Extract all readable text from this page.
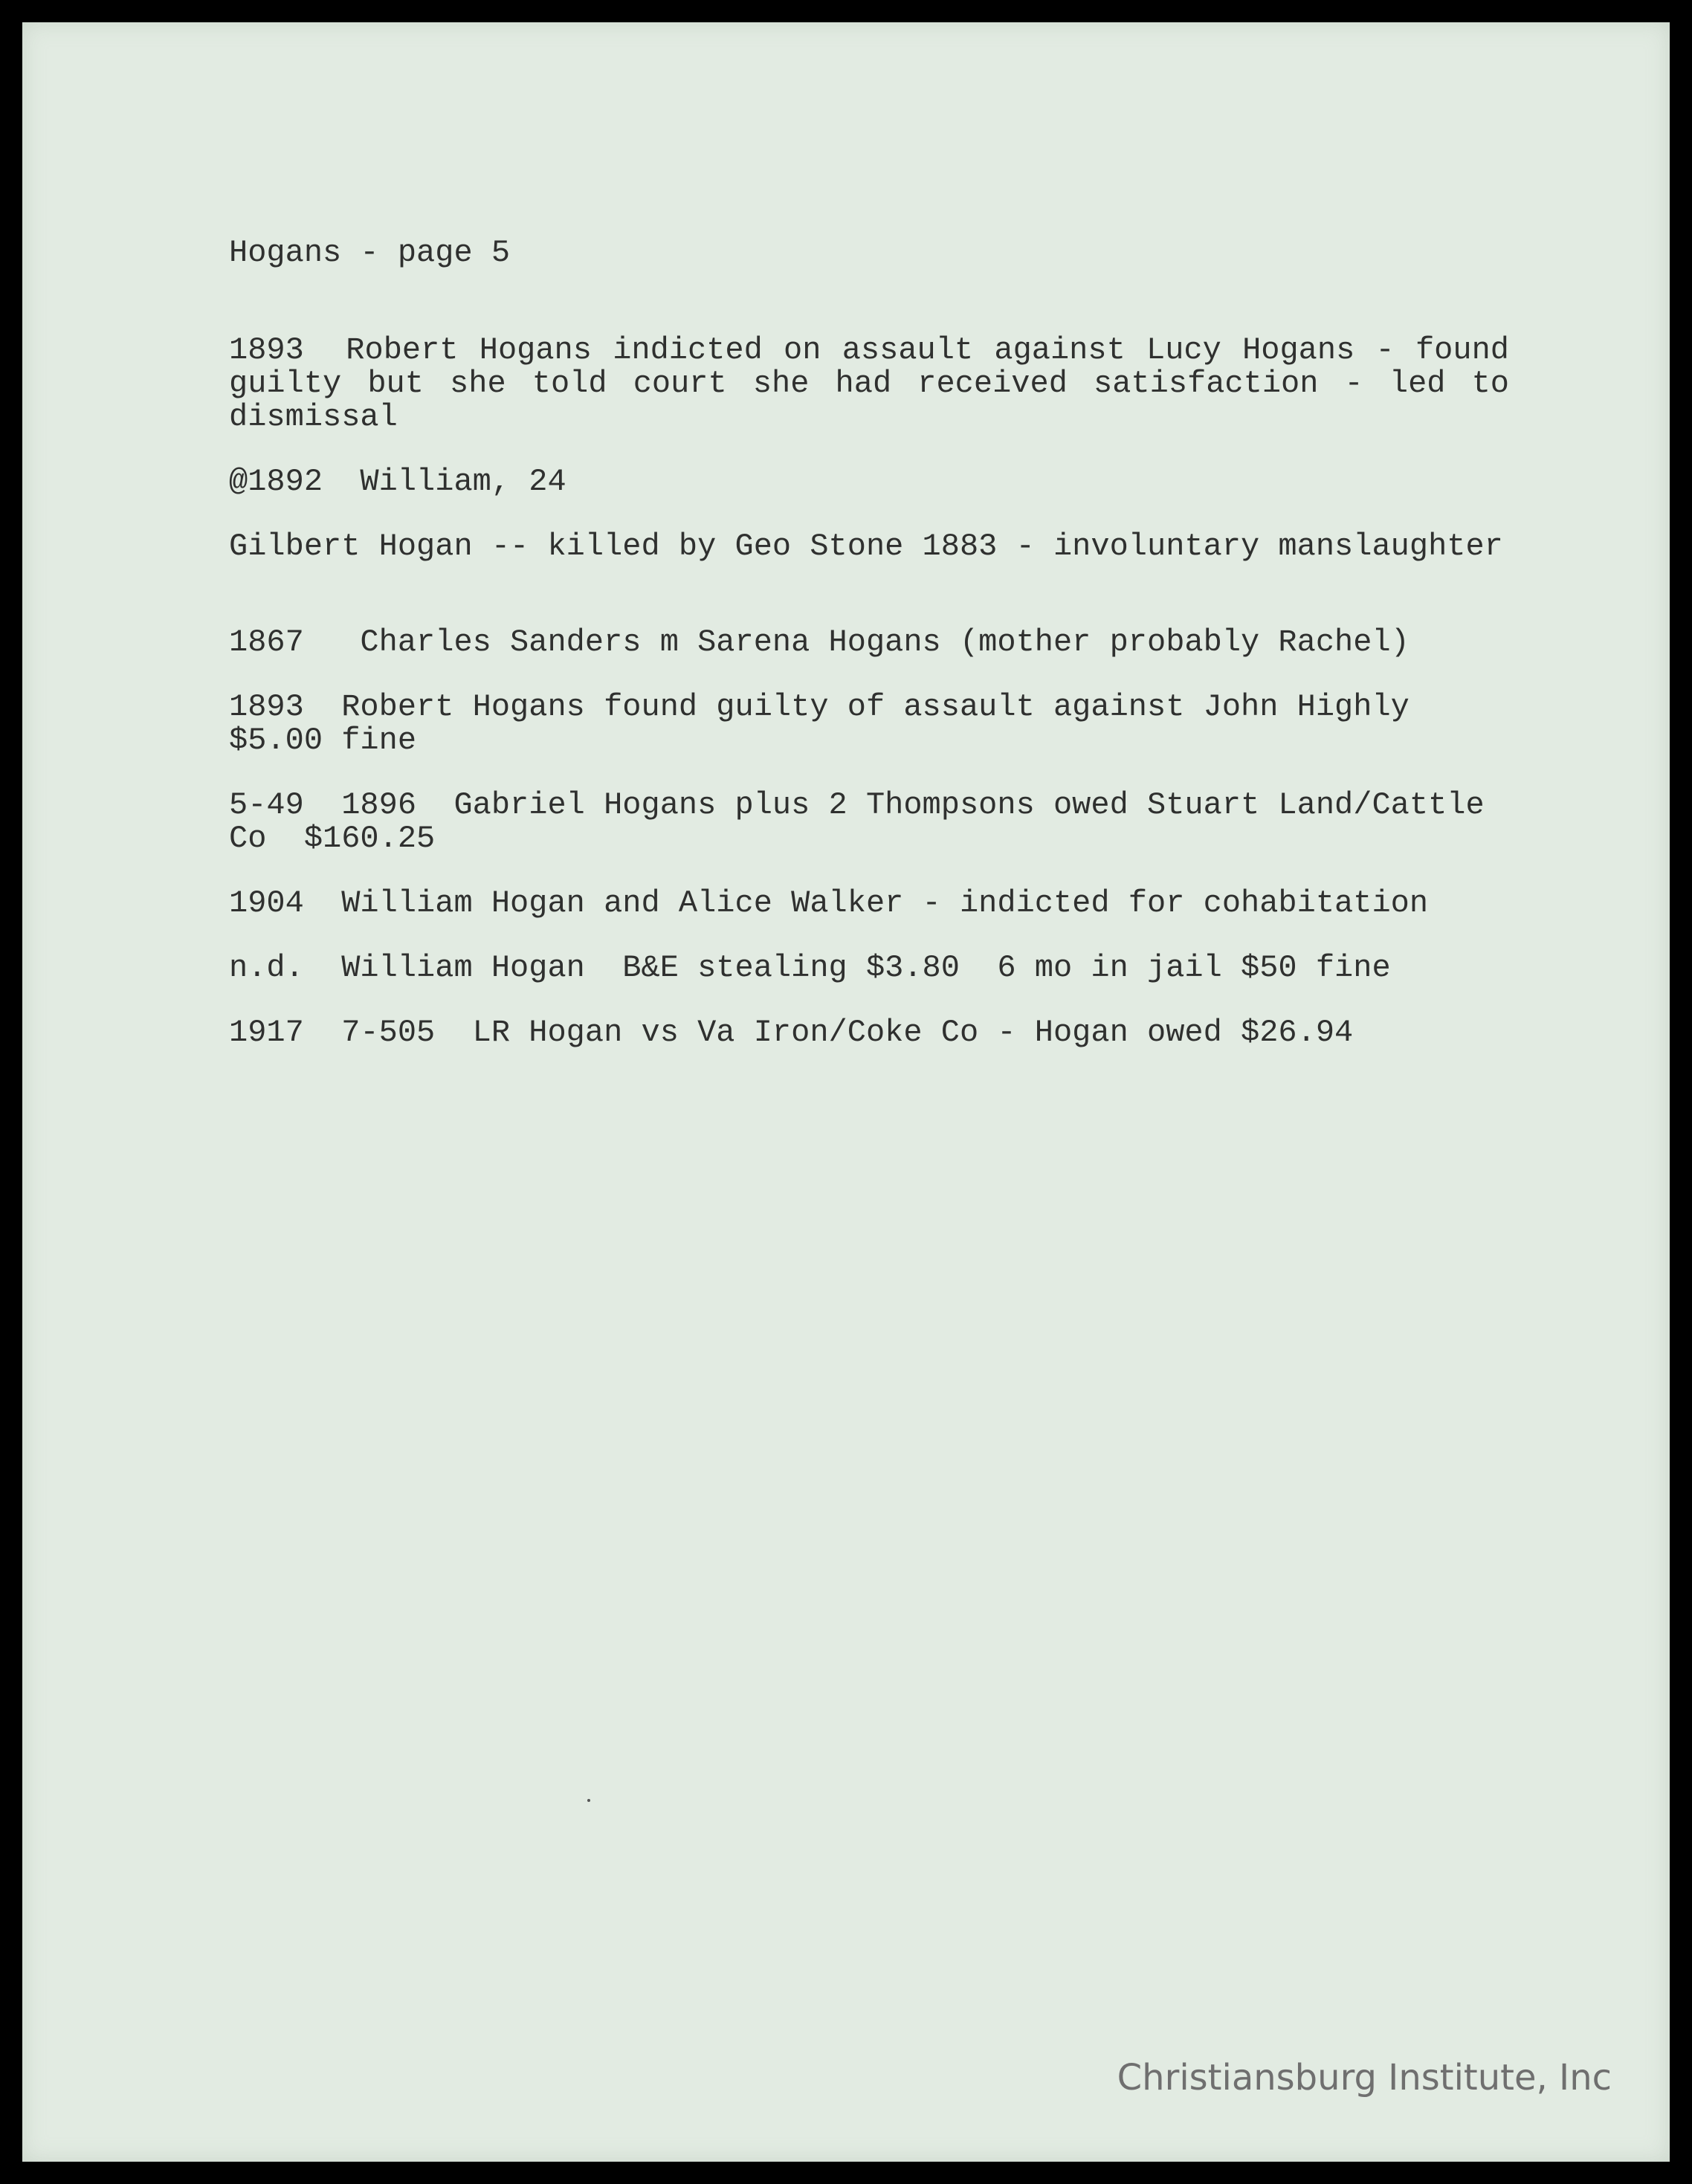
Hogans - page 5

1893  Robert Hogans indicted on assault against Lucy Hogans - found guilty but she told court she had received satisfaction - led to dismissal

@1892  William, 24

Gilbert Hogan -- killed by Geo Stone 1883 - involuntary manslaughter

1867   Charles Sanders m Sarena Hogans (mother probably Rachel)

1893  Robert Hogans found guilty of assault against John Highly $5.00 fine

5-49  1896  Gabriel Hogans plus 2 Thompsons owed Stuart Land/Cattle Co  $160.25

1904  William Hogan and Alice Walker - indicted for cohabitation

n.d.  William Hogan  B&E stealing $3.80  6 mo in jail $50 fine

1917  7-505  LR Hogan vs Va Iron/Coke Co - Hogan owed $26.94

Christiansburg Institute, Inc
